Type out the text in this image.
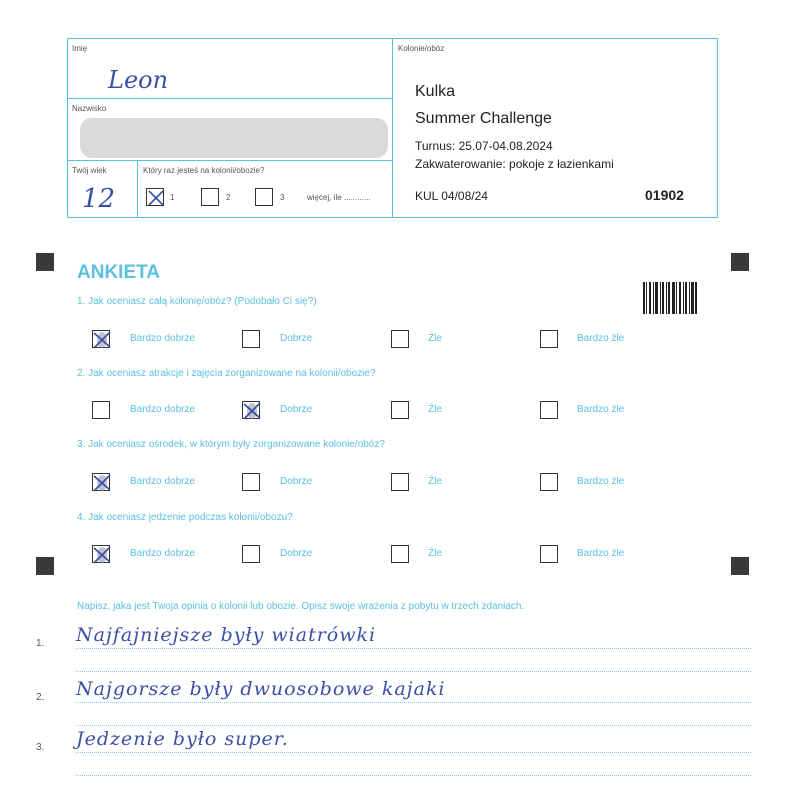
Imię
Leon
Nazwisko
Twój wiek
12
Który raz jesteś na kolonii/obozie?
1	2	3	więcej, ile ............
Kolonie/obóz
Kulka
Summer Challenge
Turnus: 25.07-04.08.2024
Zakwaterowanie: pokoje z łazienkami
KUL 04/08/24	01902
ANKIETA
1. Jak oceniasz całą kolonię/obóz? (Podobało Ci się?)
Bardzo dobrze	Dobrze	Źle	Bardzo źle
2. Jak oceniasz atrakcje i zajęcia zorganizowane na kolonii/obozie?
Bardzo dobrze	Dobrze	Źle	Bardzo źle
3. Jak oceniasz ośrodek, w którym były zorganizowane kolonie/obóz?
Bardzo dobrze	Dobrze	Źle	Bardzo źle
4. Jak oceniasz jedzenie podczas kolonii/obozu?
Bardzo dobrze	Dobrze	Źle	Bardzo źle
Napisz, jaka jest Twoja opinia o kolonii lub obozie. Opisz swoje wrażenia z pobytu w trzech zdaniach.
1. Najfajniejsze były wiatrówki
2. Najgorsze były dwuosobowe kajaki
3. Jedzenie było super.
